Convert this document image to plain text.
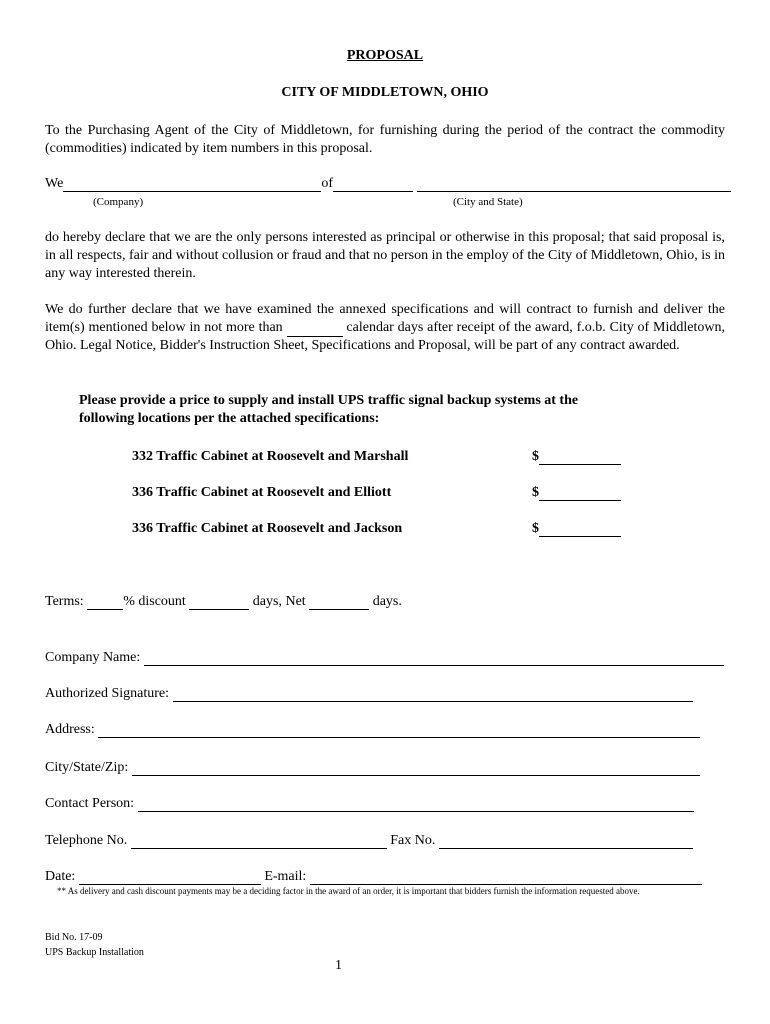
PROPOSAL
CITY OF MIDDLETOWN, OHIO
To the Purchasing Agent of the City of Middletown, for furnishing during the period of the contract the commodity (commodities) indicated by item numbers in this proposal.
We	of
(Company)	(City and State)
do hereby declare that we are the only persons interested as principal or otherwise in this proposal; that said proposal is, in all respects, fair and without collusion or fraud and that no person in the employ of the City of Middletown, Ohio, is in any way interested therein.
We do further declare that we have examined the annexed specifications and will contract to furnish and deliver the item(s) mentioned below in not more than	calendar days after receipt of the award, f.o.b. City of Middletown, Ohio. Legal Notice, Bidder's Instruction Sheet, Specifications and Proposal, will be part of any contract awarded.
Please provide a price to supply and install UPS traffic signal backup systems at the
following locations per the attached specifications:
332 Traffic Cabinet at Roosevelt and Marshall	$
336 Traffic Cabinet at Roosevelt and Elliott	$
336 Traffic Cabinet at Roosevelt and Jackson	$
Terms:	% discount	days, Net	days.
Company Name:
Authorized Signature:
Address:
City/State/Zip:
Contact Person:
Telephone No.	Fax No.
Date:	E-mail:
** As delivery and cash discount payments may be a deciding factor in the award of an order, it is important that bidders furnish the information requested above.
Bid No. 17-09
UPS Backup Installation
1
